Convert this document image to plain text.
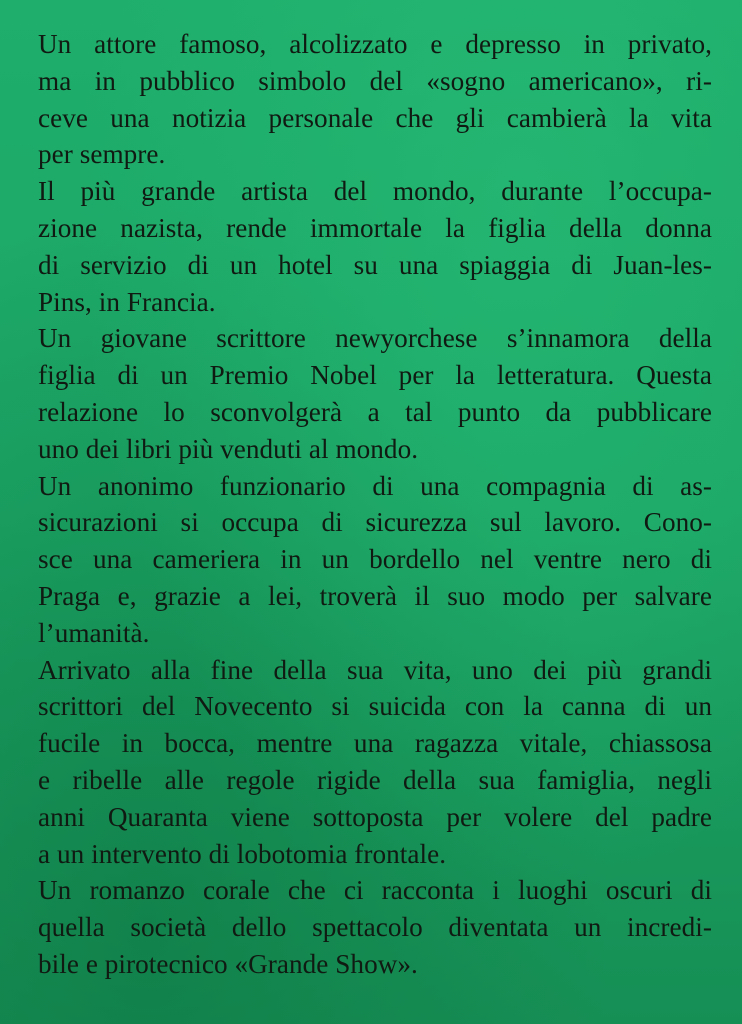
Un attore famoso, alcolizzato e depresso in privato,
ma in pubblico simbolo del «sogno americano», ri-
ceve una notizia personale che gli cambierà la vita
per sempre.
Il più grande artista del mondo, durante l’occupa-
zione nazista, rende immortale la figlia della donna
di servizio di un hotel su una spiaggia di Juan-les-
Pins, in Francia.
Un giovane scrittore newyorchese s’innamora della
figlia di un Premio Nobel per la letteratura. Questa
relazione lo sconvolgerà a tal punto da pubblicare
uno dei libri più venduti al mondo.
Un anonimo funzionario di una compagnia di as-
sicurazioni si occupa di sicurezza sul lavoro. Cono-
sce una cameriera in un bordello nel ventre nero di
Praga e, grazie a lei, troverà il suo modo per salvare
l’umanità.
Arrivato alla fine della sua vita, uno dei più grandi
scrittori del Novecento si suicida con la canna di un
fucile in bocca, mentre una ragazza vitale, chiassosa
e ribelle alle regole rigide della sua famiglia, negli
anni Quaranta viene sottoposta per volere del padre
a un intervento di lobotomia frontale.
Un romanzo corale che ci racconta i luoghi oscuri di
quella società dello spettacolo diventata un incredi-
bile e pirotecnico «Grande Show».
